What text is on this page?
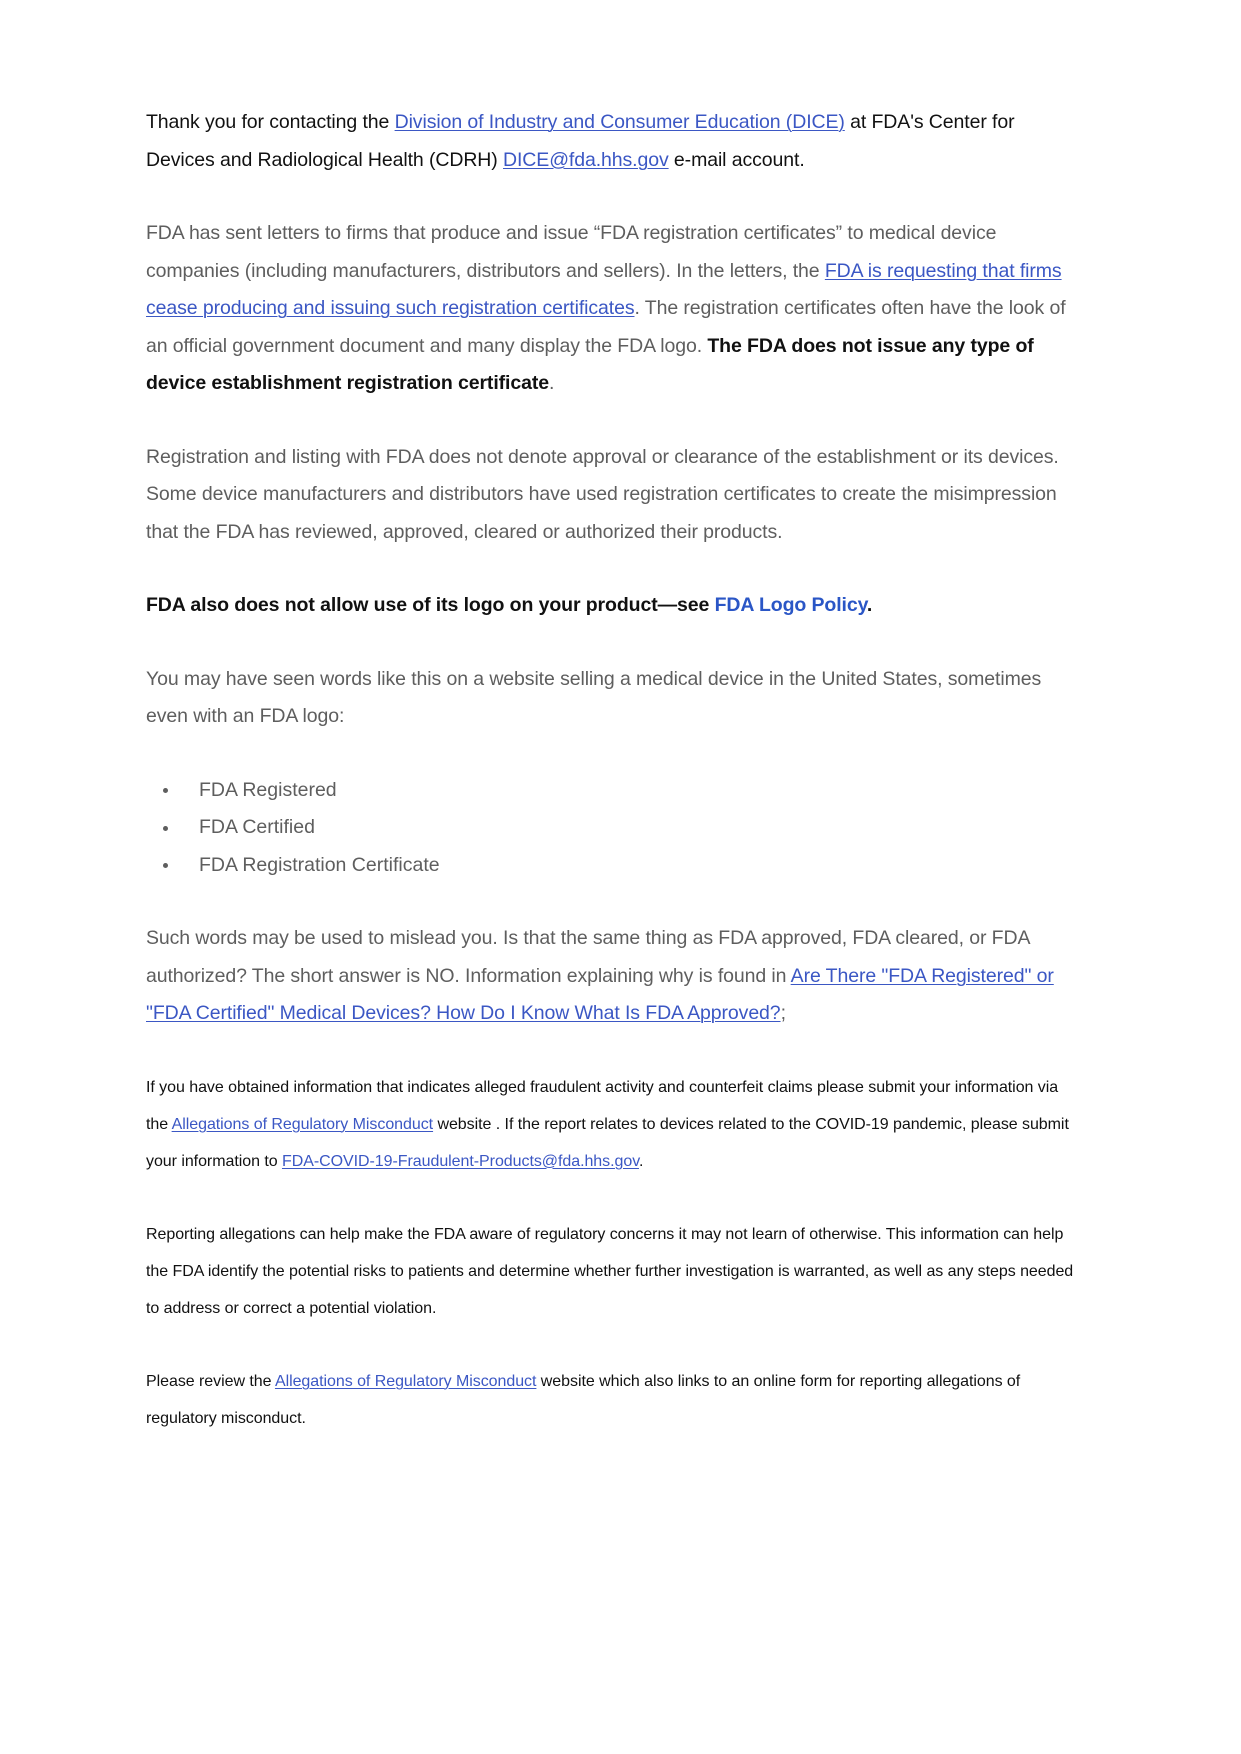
Thank you for contacting the Division of Industry and Consumer Education (DICE) at FDA's Center for Devices and Radiological Health (CDRH) DICE@fda.hhs.gov e-mail account.

FDA has sent letters to firms that produce and issue “FDA registration certificates” to medical device companies (including manufacturers, distributors and sellers). In the letters, the FDA is requesting that firms cease producing and issuing such registration certificates. The registration certificates often have the look of an official government document and many display the FDA logo. The FDA does not issue any type of device establishment registration certificate.

Registration and listing with FDA does not denote approval or clearance of the establishment or its devices. Some device manufacturers and distributors have used registration certificates to create the misimpression that the FDA has reviewed, approved, cleared or authorized their products.

FDA also does not allow use of its logo on your product—see FDA Logo Policy.

You may have seen words like this on a website selling a medical device in the United States, sometimes even with an FDA logo:

FDA Registered
FDA Certified
FDA Registration Certificate

Such words may be used to mislead you. Is that the same thing as FDA approved, FDA cleared, or FDA authorized? The short answer is NO. Information explaining why is found in Are There "FDA Registered" or "FDA Certified" Medical Devices? How Do I Know What Is FDA Approved?;

If you have obtained information that indicates alleged fraudulent activity and counterfeit claims please submit your information via the Allegations of Regulatory Misconduct website . If the report relates to devices related to the COVID-19 pandemic, please submit your information to FDA-COVID-19-Fraudulent-Products@fda.hhs.gov.

Reporting allegations can help make the FDA aware of regulatory concerns it may not learn of otherwise. This information can help the FDA identify the potential risks to patients and determine whether further investigation is warranted, as well as any steps needed to address or correct a potential violation.

Please review the Allegations of Regulatory Misconduct website which also links to an online form for reporting allegations of regulatory misconduct.
